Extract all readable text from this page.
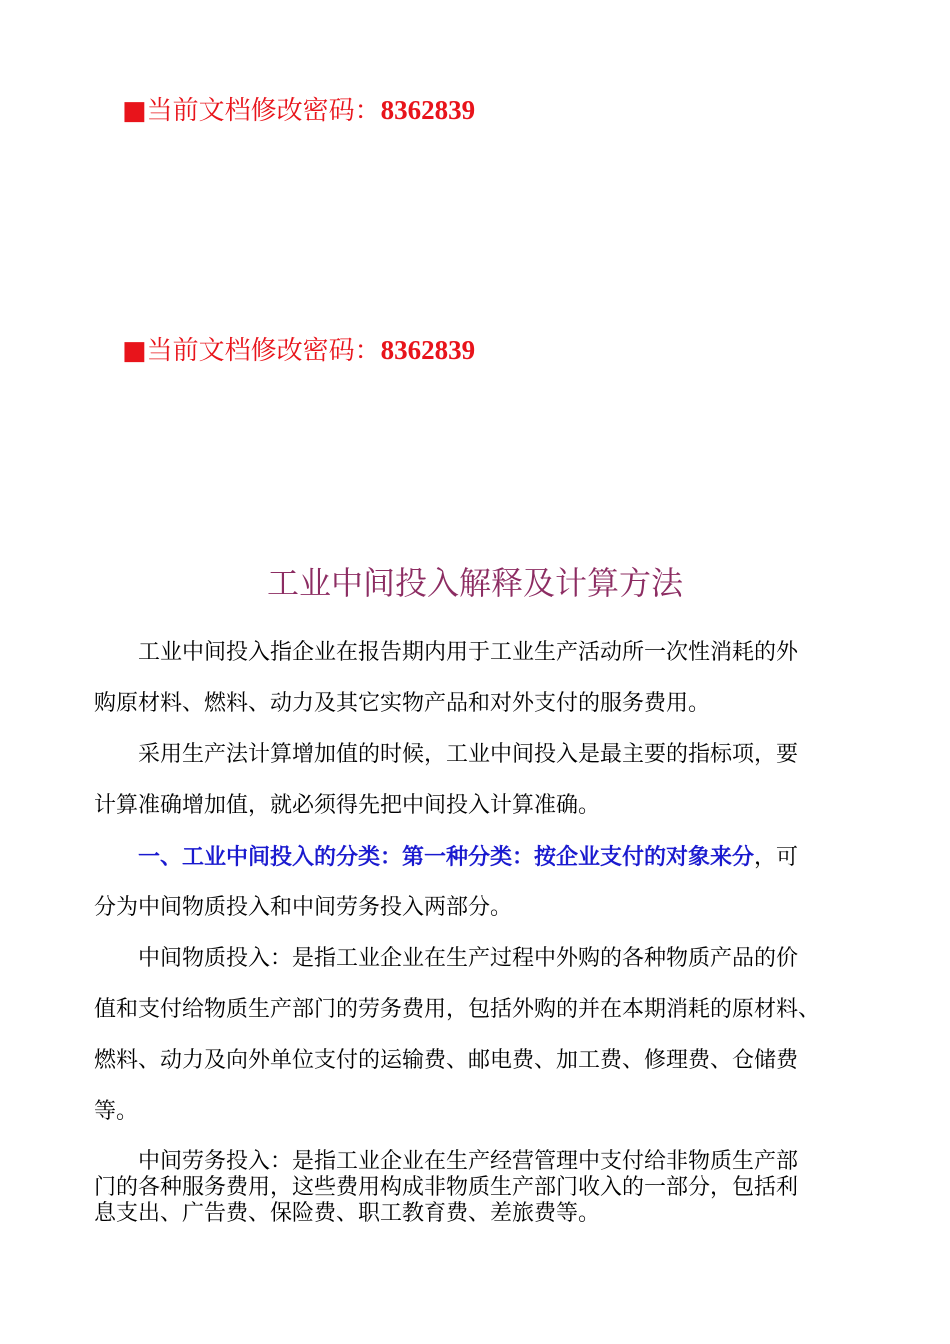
■当前文档修改密码：8362839
■当前文档修改密码：8362839
工业中间投入解释及计算方法
工业中间投入指企业在报告期内用于工业生产活动所一次性消耗的外
购原材料、燃料、动力及其它实物产品和对外支付的服务费用。
采用生产法计算增加值的时候，工业中间投入是最主要的指标项，要
计算准确增加值，就必须得先把中间投入计算准确。
一、工业中间投入的分类：第一种分类：按企业支付的对象来分，可
分为中间物质投入和中间劳务投入两部分。
中间物质投入：是指工业企业在生产过程中外购的各种物质产品的价
值和支付给物质生产部门的劳务费用，包括外购的并在本期消耗的原材料、
燃料、动力及向外单位支付的运输费、邮电费、加工费、修理费、仓储费
等。
中间劳务投入：是指工业企业在生产经营管理中支付给非物质生产部
门的各种服务费用，这些费用构成非物质生产部门收入的一部分，包括利
息支出、广告费、保险费、职工教育费、差旅费等。
